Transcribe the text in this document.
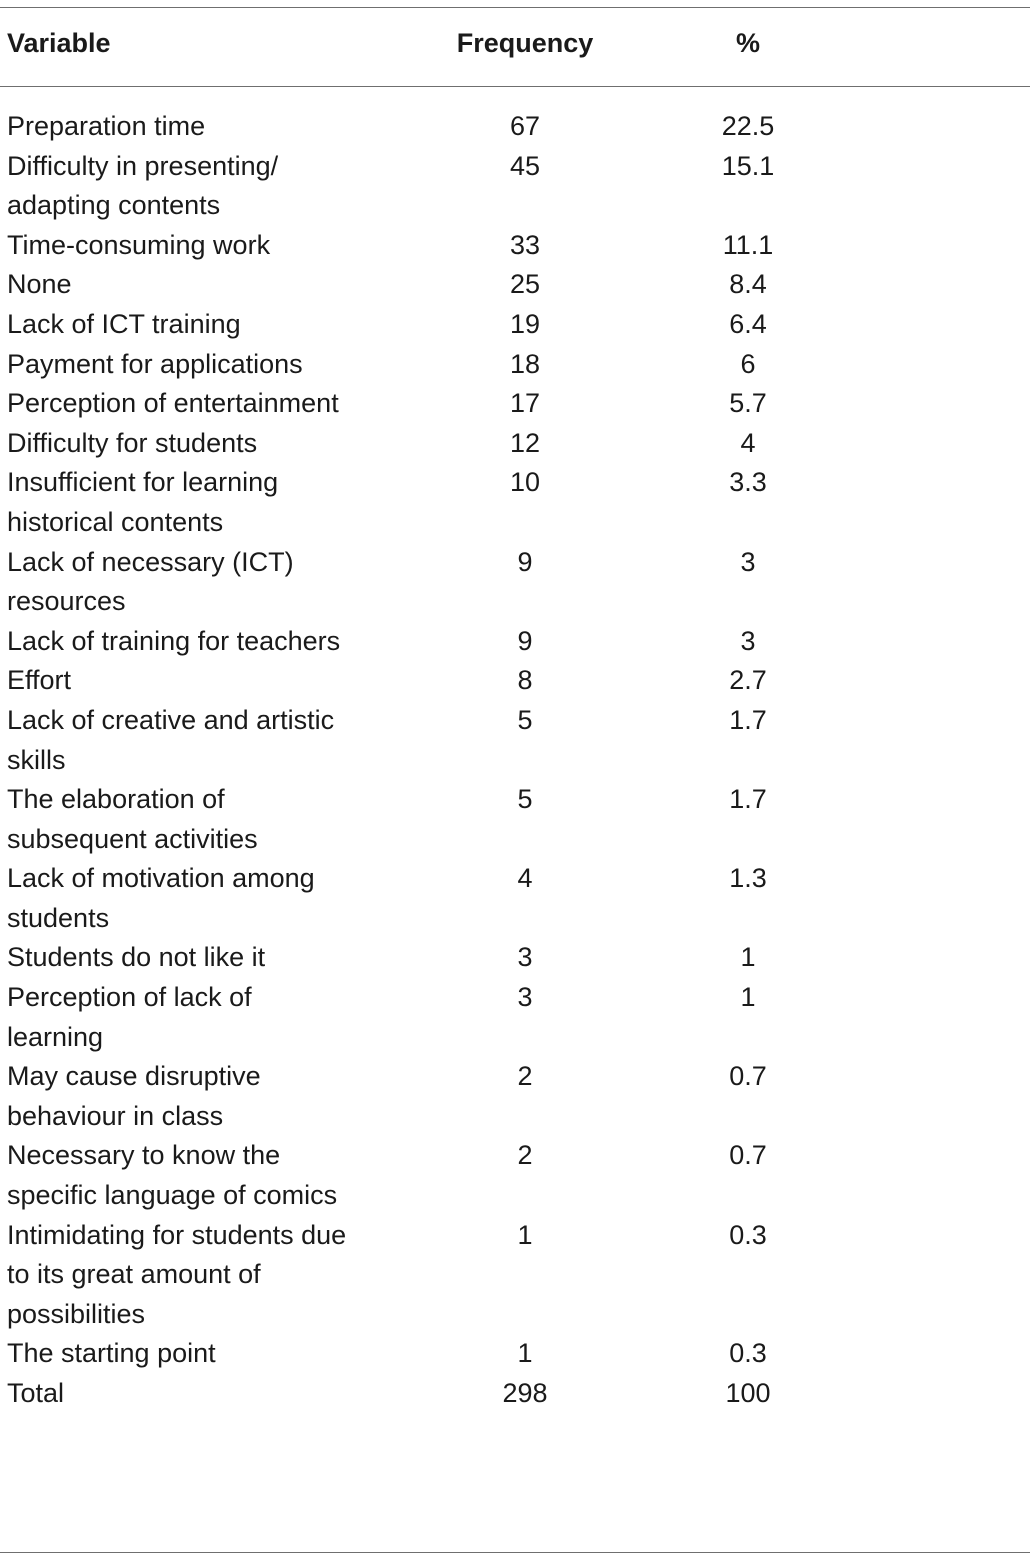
Variable	Frequency	%

Preparation time	67	22.5
Difficulty in presenting/ adapting contents	45	15.1
Time-consuming work	33	11.1
None	25	8.4
Lack of ICT training	19	6.4
Payment for applications	18	6
Perception of entertainment	17	5.7
Difficulty for students	12	4
Insufficient for learning historical contents	10	3.3
Lack of necessary (ICT) resources	9	3
Lack of training for teachers	9	3
Effort	8	2.7
Lack of creative and artistic skills	5	1.7
The elaboration of subsequent activities	5	1.7
Lack of motivation among students	4	1.3
Students do not like it	3	1
Perception of lack of learning	3	1
May cause disruptive behaviour in class	2	0.7
Necessary to know the specific language of comics	2	0.7
Intimidating for students due to its great amount of possibilities	1	0.3
The starting point	1	0.3
Total	298	100
